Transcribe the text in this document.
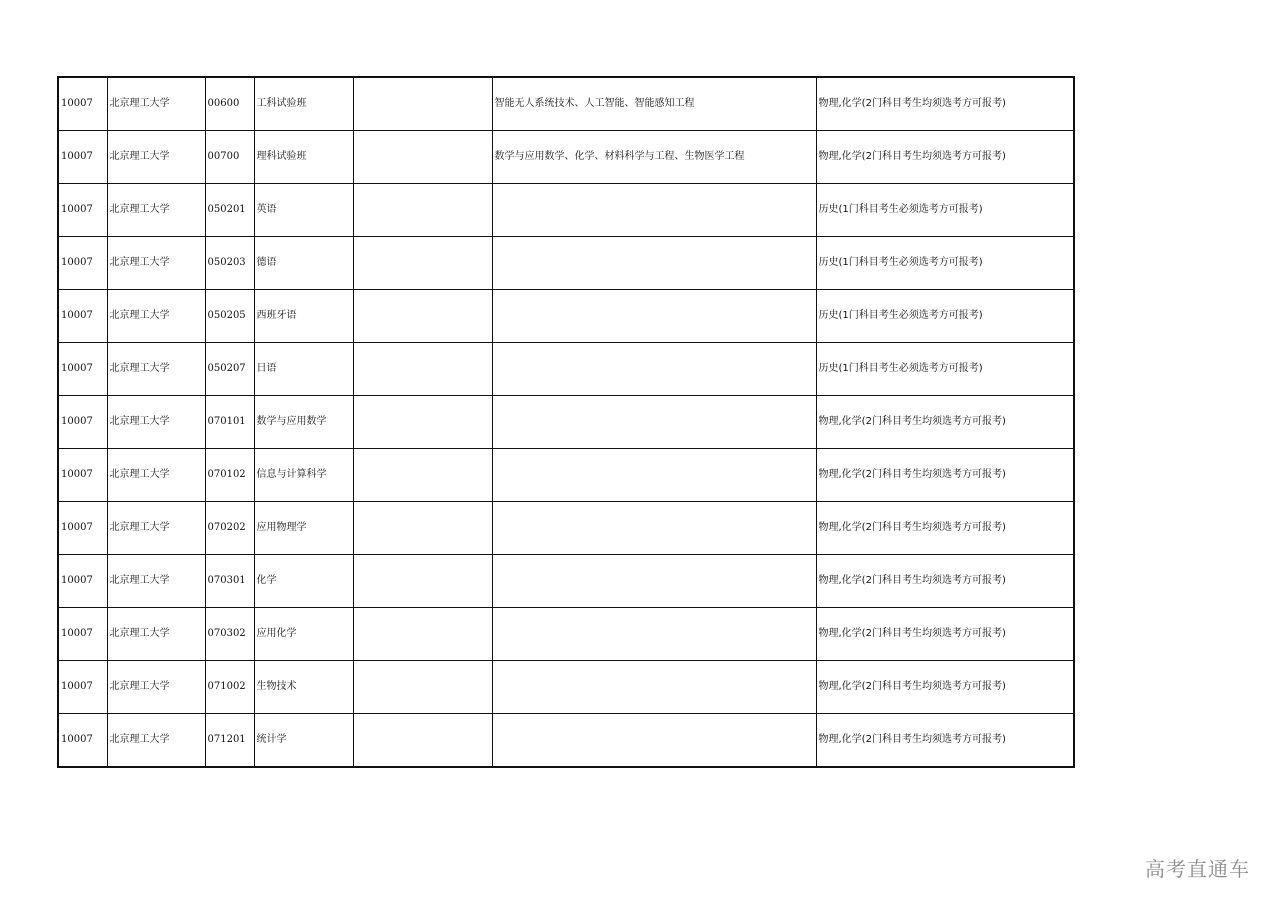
10007	北京理工大学	00600	工科试验班		智能无人系统技术、人工智能、智能感知工程	物理,化学(2门科目考生均须选考方可报考)
10007	北京理工大学	00700	理科试验班		数学与应用数学、化学、材料科学与工程、生物医学工程	物理,化学(2门科目考生均须选考方可报考)
10007	北京理工大学	050201	英语			历史(1门科目考生必须选考方可报考)
10007	北京理工大学	050203	德语			历史(1门科目考生必须选考方可报考)
10007	北京理工大学	050205	西班牙语			历史(1门科目考生必须选考方可报考)
10007	北京理工大学	050207	日语			历史(1门科目考生必须选考方可报考)
10007	北京理工大学	070101	数学与应用数学			物理,化学(2门科目考生均须选考方可报考)
10007	北京理工大学	070102	信息与计算科学			物理,化学(2门科目考生均须选考方可报考)
10007	北京理工大学	070202	应用物理学			物理,化学(2门科目考生均须选考方可报考)
10007	北京理工大学	070301	化学			物理,化学(2门科目考生均须选考方可报考)
10007	北京理工大学	070302	应用化学			物理,化学(2门科目考生均须选考方可报考)
10007	北京理工大学	071002	生物技术			物理,化学(2门科目考生均须选考方可报考)
10007	北京理工大学	071201	统计学			物理,化学(2门科目考生均须选考方可报考)
高考直通车
